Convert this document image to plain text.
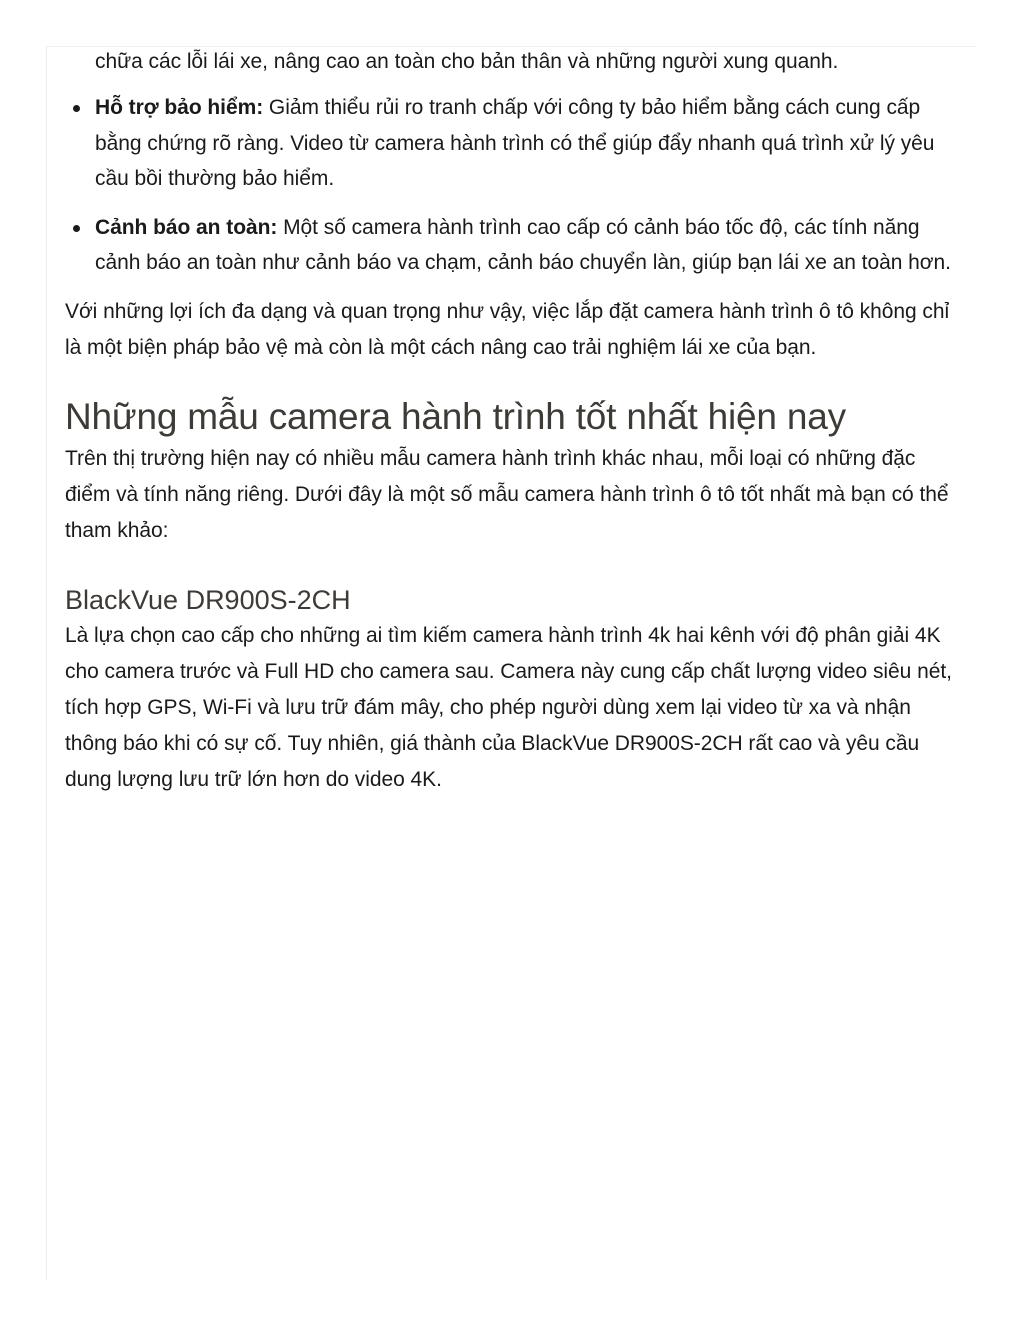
chữa các lỗi lái xe, nâng cao an toàn cho bản thân và những người xung quanh.

Hỗ trợ bảo hiểm: Giảm thiểu rủi ro tranh chấp với công ty bảo hiểm bằng cách cung cấp bằng chứng rõ ràng. Video từ camera hành trình có thể giúp đẩy nhanh quá trình xử lý yêu cầu bồi thường bảo hiểm.
Cảnh báo an toàn: Một số camera hành trình cao cấp có cảnh báo tốc độ, các tính năng cảnh báo an toàn như cảnh báo va chạm, cảnh báo chuyển làn, giúp bạn lái xe an toàn hơn.

Với những lợi ích đa dạng và quan trọng như vậy, việc lắp đặt camera hành trình ô tô không chỉ là một biện pháp bảo vệ mà còn là một cách nâng cao trải nghiệm lái xe của bạn.

Những mẫu camera hành trình tốt nhất hiện nay

Trên thị trường hiện nay có nhiều mẫu camera hành trình khác nhau, mỗi loại có những đặc điểm và tính năng riêng. Dưới đây là một số mẫu camera hành trình ô tô tốt nhất mà bạn có thể tham khảo:

BlackVue DR900S-2CH

Là lựa chọn cao cấp cho những ai tìm kiếm camera hành trình 4k hai kênh với độ phân giải 4K cho camera trước và Full HD cho camera sau. Camera này cung cấp chất lượng video siêu nét, tích hợp GPS, Wi-Fi và lưu trữ đám mây, cho phép người dùng xem lại video từ xa và nhận thông báo khi có sự cố. Tuy nhiên, giá thành của BlackVue DR900S-2CH rất cao và yêu cầu dung lượng lưu trữ lớn hơn do video 4K.
